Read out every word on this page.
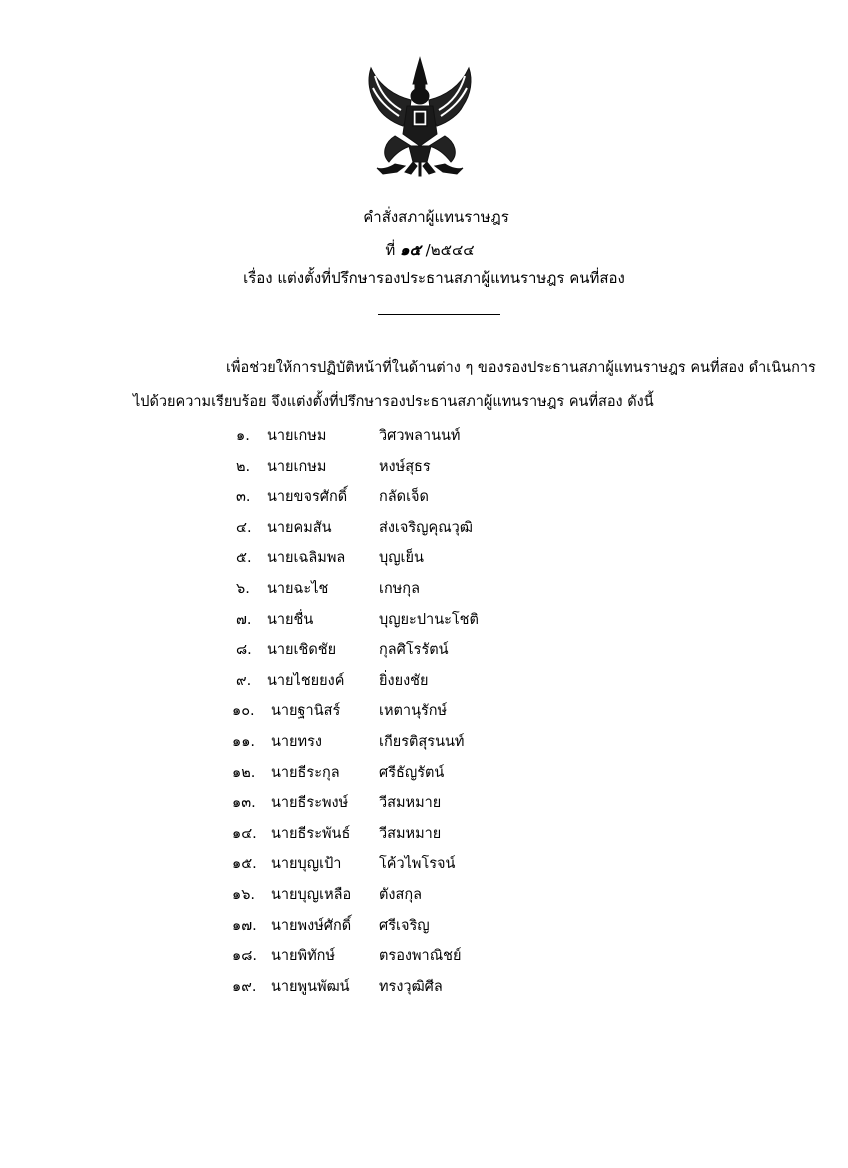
คำสั่งสภาผู้แทนราษฎร
ที่ ๑๕ /๒๕๔๔
เรื่อง แต่งตั้งที่ปรึกษารองประธานสภาผู้แทนราษฎร คนที่สอง
เพื่อช่วยให้การปฏิบัติหน้าที่ในด้านต่าง ๆ ของรองประธานสภาผู้แทนราษฎร คนที่สอง ดำเนินการ
ไปด้วยความเรียบร้อย จึงแต่งตั้งที่ปรึกษารองประธานสภาผู้แทนราษฎร คนที่สอง ดังนี้
๑. นายเกษม	วิศวพลานนท์
๒. นายเกษม	หงษ์สุธร
๓. นายขจรศักดิ์ กลัดเจ็ด
๔. นายคมสัน	ส่งเจริญคุณวุฒิ
๕. นายเฉลิมพล บุญเย็น
๖. นายฉะไช	เกษกุล
๗. นายชื่น	บุญยะปานะโชติ
๘. นายเชิดชัย	กุลศิโรรัตน์
๙. นายไชยยงค์ ยิ่งยงชัย
๑๐. นายฐานิสร์	เหตานุรักษ์
๑๑. นายทรง	เกียรติสุรนนท์
๑๒. นายธีระกุล	ศรีธัญรัตน์
๑๓. นายธีระพงษ์ วีสมหมาย
๑๔. นายธีระพันธ์ วีสมหมาย
๑๕. นายบุญเป้า	โค้วไพโรจน์
๑๖. นายบุญเหลือ ตังสกุล
๑๗. นายพงษ์ศักดิ์ ศรีเจริญ
๑๘. นายพิทักษ์	ตรองพาณิชย์
๑๙. นายพูนพัฒน์ ทรงวุฒิศีล
